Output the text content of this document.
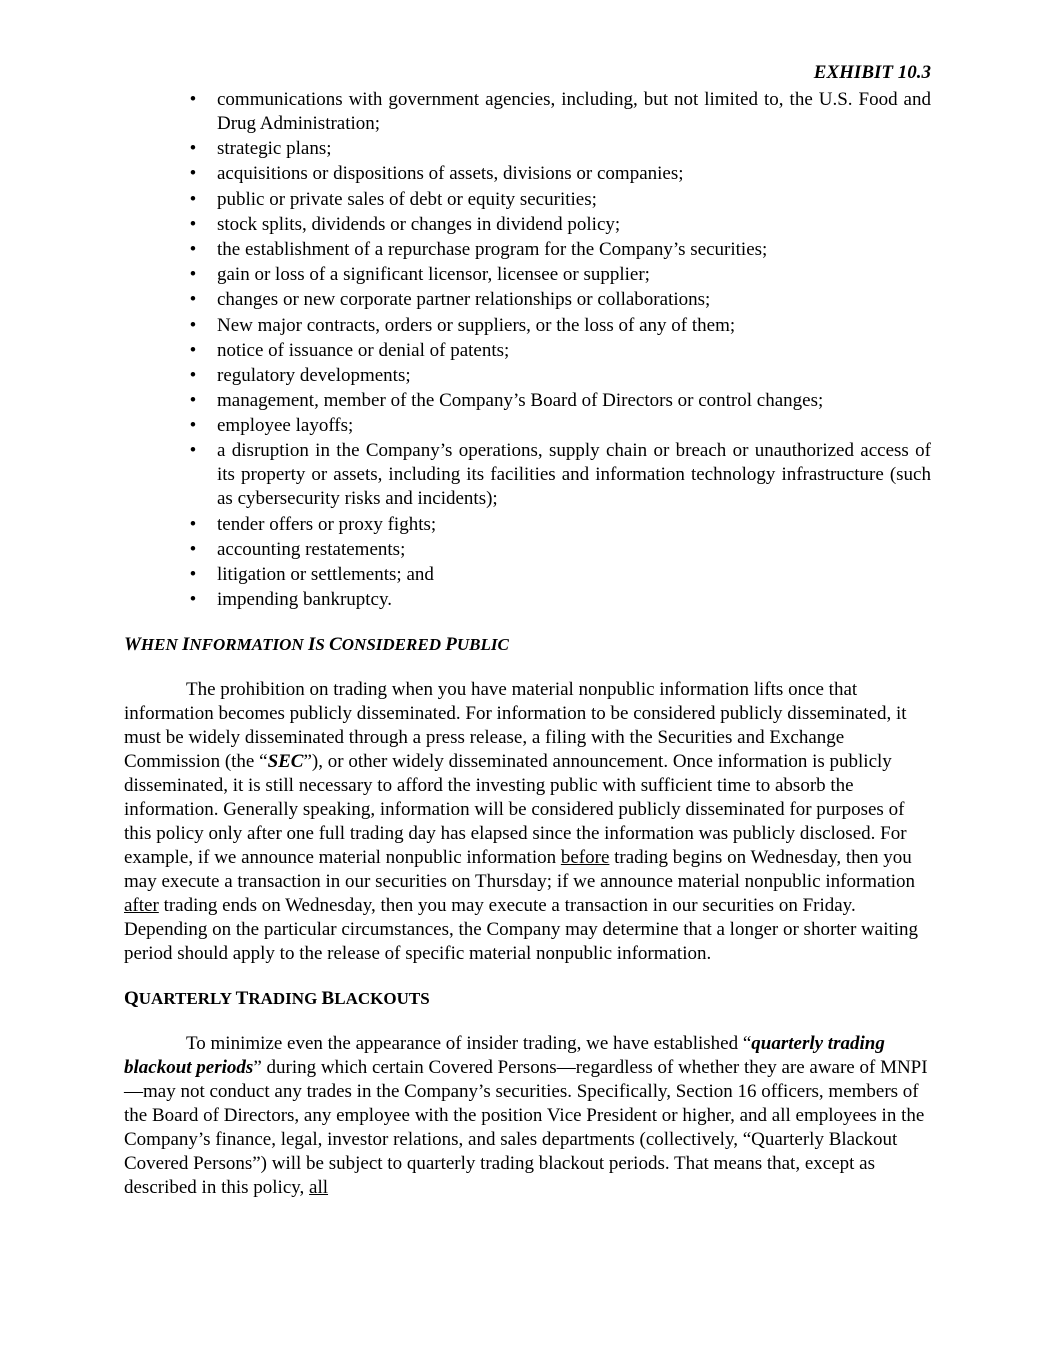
EXHIBIT 10.3
• communications with government agencies, including, but not limited to, the U.S. Food and Drug Administration;
• strategic plans;
• acquisitions or dispositions of assets, divisions or companies;
• public or private sales of debt or equity securities;
• stock splits, dividends or changes in dividend policy;
• the establishment of a repurchase program for the Company’s securities;
• gain or loss of a significant licensor, licensee or supplier;
• changes or new corporate partner relationships or collaborations;
• New major contracts, orders or suppliers, or the loss of any of them;
• notice of issuance or denial of patents;
• regulatory developments;
• management, member of the Company’s Board of Directors or control changes;
• employee layoffs;
• a disruption in the Company’s operations, supply chain or breach or unauthorized access of its property or assets, including its facilities and information technology infrastructure (such as cybersecurity risks and incidents);
• tender offers or proxy fights;
• accounting restatements;
• litigation or settlements; and
• impending bankruptcy.
WHEN INFORMATION IS CONSIDERED PUBLIC

The prohibition on trading when you have material nonpublic information lifts once that information becomes publicly disseminated. For information to be considered publicly disseminated, it must be widely disseminated through a press release, a filing with the Securities and Exchange Commission (the “SEC”), or other widely disseminated announcement. Once information is publicly disseminated, it is still necessary to afford the investing public with sufficient time to absorb the information. Generally speaking, information will be considered publicly disseminated for purposes of this policy only after one full trading day has elapsed since the information was publicly disclosed. For example, if we announce material nonpublic information before trading begins on Wednesday, then you may execute a transaction in our securities on Thursday; if we announce material nonpublic information after trading ends on Wednesday, then you may execute a transaction in our securities on Friday. Depending on the particular circumstances, the Company may determine that a longer or shorter waiting period should apply to the release of specific material nonpublic information.

QUARTERLY TRADING BLACKOUTS

To minimize even the appearance of insider trading, we have established “quarterly trading blackout periods” during which certain Covered Persons—regardless of whether they are aware of MNPI—may not conduct any trades in the Company’s securities. Specifically, Section 16 officers, members of the Board of Directors, any employee with the position Vice President or higher, and all employees in the Company’s finance, legal, investor relations, and sales departments (collectively, “Quarterly Blackout Covered Persons”) will be subject to quarterly trading blackout periods. That means that, except as described in this policy, all
